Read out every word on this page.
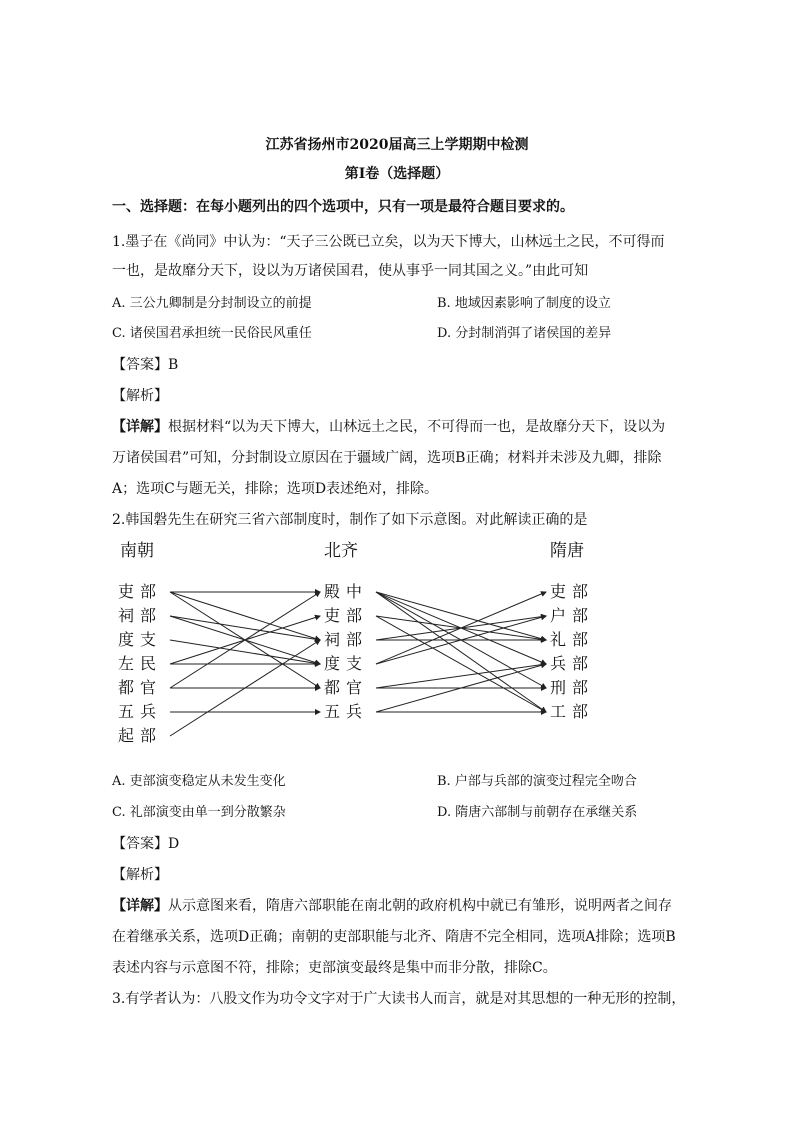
江苏省扬州市2020届高三上学期期中检测
第Ⅰ卷（选择题）
一、选择题：在每小题列出的四个选项中，只有一项是最符合题目要求的。
1.墨子在《尚同》中认为：“天子三公既已立矣，以为天下博大，山林远土之民，不可得而
一也，是故靡分天下，设以为万诸侯国君，使从事乎一同其国之义。”由此可知
A. 三公九卿制是分封制设立的前提	B. 地域因素影响了制度的设立
C. 诸侯国君承担统一民俗民风重任	D. 分封制消弭了诸侯国的差异
【答案】B
【解析】
【详解】根据材料“以为天下博大，山林远土之民，不可得而一也，是故靡分天下，设以为
万诸侯国君”可知，分封制设立原因在于疆域广阔，选项B正确；材料并未涉及九卿，排除
A；选项C与题无关，排除；选项D表述绝对，排除。
2.韩国磐先生在研究三省六部制度时，制作了如下示意图。对此解读正确的是
南朝	北齐	隋唐
吏部
祠部
度支
左民
都官
五兵
起部
殿中
吏部
祠部
度支
都官
五兵
吏部
户部
礼部
兵部
刑部
工部
A. 吏部演变稳定从未发生变化	B. 户部与兵部的演变过程完全吻合
C. 礼部演变由单一到分散繁杂	D. 隋唐六部制与前朝存在承继关系
【答案】D
【解析】
【详解】从示意图来看，隋唐六部职能在南北朝的政府机构中就已有雏形，说明两者之间存
在着继承关系，选项D正确；南朝的吏部职能与北齐、隋唐不完全相同，选项A排除；选项B
表述内容与示意图不符，排除；吏部演变最终是集中而非分散，排除C。
3.有学者认为：八股文作为功令文字对于广大读书人而言，就是对其思想的一种无形的控制，
